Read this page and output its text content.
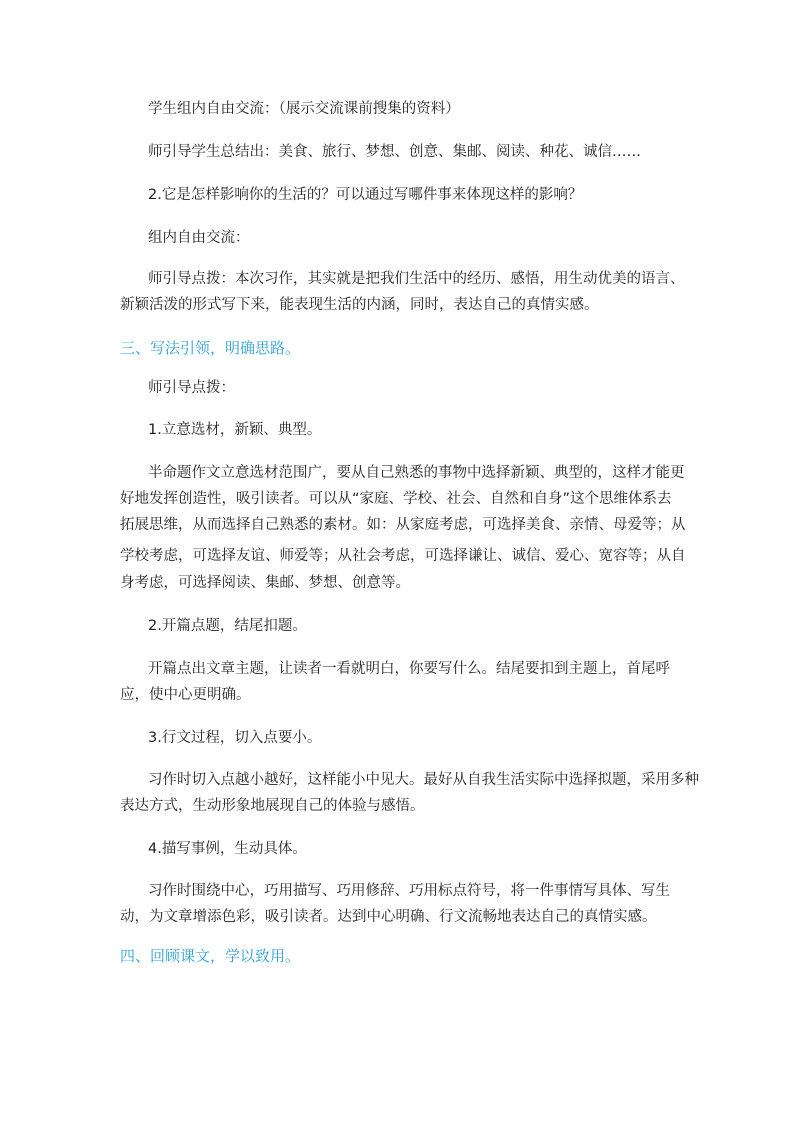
学生组内自由交流：（展示交流课前搜集的资料）
师引导学生总结出：美食、旅行、梦想、创意、集邮、阅读、种花、诚信……
2.它是怎样影响你的生活的？可以通过写哪件事来体现这样的影响？
组内自由交流：
师引导点拨：本次习作，其实就是把我们生活中的经历、感悟，用生动优美的语言、
新颖活泼的形式写下来，能表现生活的内涵，同时，表达自己的真情实感。
三、写法引领，明确思路。
师引导点拨：
1.立意选材，新颖、典型。
半命题作文立意选材范围广，要从自己熟悉的事物中选择新颖、典型的，这样才能更
好地发挥创造性，吸引读者。可以从“家庭、学校、社会、自然和自身”这个思维体系去
拓展思维，从而选择自己熟悉的素材。如：从家庭考虑，可选择美食、亲情、母爱等；从
学校考虑，可选择友谊、师爱等；从社会考虑，可选择谦让、诚信、爱心、宽容等；从自
身考虑，可选择阅读、集邮、梦想、创意等。
2.开篇点题，结尾扣题。
开篇点出文章主题，让读者一看就明白，你要写什么。结尾要扣到主题上，首尾呼
应，使中心更明确。
3.行文过程，切入点要小。
习作时切入点越小越好，这样能小中见大。最好从自我生活实际中选择拟题，采用多种
表达方式，生动形象地展现自己的体验与感悟。
4.描写事例，生动具体。
习作时围绕中心，巧用描写、巧用修辞、巧用标点符号，将一件事情写具体、写生
动，为文章增添色彩，吸引读者。达到中心明确、行文流畅地表达自己的真情实感。
四、回顾课文，学以致用。
